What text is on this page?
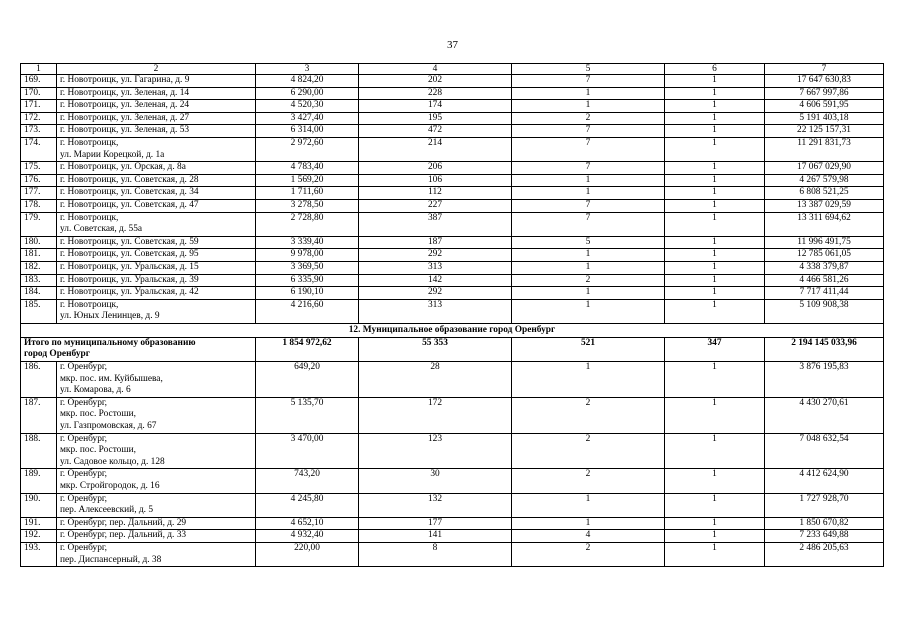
37
1	2	3	4	5	6	7
169.	г. Новотроицк, ул. Гагарина, д. 9	4 824,20	202	7	1	17 647 630,83
170.	г. Новотроицк, ул. Зеленая, д. 14	6 290,00	228	1	1	7 667 997,86
171.	г. Новотроицк, ул. Зеленая, д. 24	4 520,30	174	1	1	4 606 591,95
172.	г. Новотроицк, ул. Зеленая, д. 27	3 427,40	195	2	1	5 191 403,18
173.	г. Новотроицк, ул. Зеленая, д. 53	6 314,00	472	7	1	22 125 157,31
174.	г. Новотроицк,
ул. Марии Корецкой, д. 1а	2 972,60	214	7	1	11 291 831,73
175.	г. Новотроицк, ул. Орская, д. 8а	4 783,40	206	7	1	17 067 029,90
176.	г. Новотроицк, ул. Советская, д. 28	1 569,20	106	1	1	4 267 579,98
177.	г. Новотроицк, ул. Советская, д. 34	1 711,60	112	1	1	6 808 521,25
178.	г. Новотроицк, ул. Советская, д. 47	3 278,50	227	7	1	13 387 029,59
179.	г. Новотроицк,
ул. Советская, д. 55а	2 728,80	387	7	1	13 311 694,62
180.	г. Новотроицк, ул. Советская, д. 59	3 339,40	187	5	1	11 996 491,75
181.	г. Новотроицк, ул. Советская, д. 95	9 978,00	292	1	1	12 785 061,05
182.	г. Новотроицк, ул. Уральская, д. 15	3 369,50	313	1	1	4 338 379,87
183.	г. Новотроицк, ул. Уральская, д. 39	6 335,90	142	2	1	4 466 581,26
184.	г. Новотроицк, ул. Уральская, д. 42	6 190,10	292	1	1	7 717 411,44
185.	г. Новотроицк,
ул. Юных Ленинцев, д. 9	4 216,60	313	1	1	5 109 908,38
12. Муниципальное образование город Оренбург						
Итого по муниципальному образованию
город Оренбург		1 854 972,62	55 353	521	347	2 194 145 033,96
186.	г. Оренбург,
мкр. пос. им. Куйбышева,
ул. Комарова, д. 6	649,20	28	1	1	3 876 195,83
187.	г. Оренбург,
мкр. пос. Ростоши,
ул. Газпромовская, д. 67	5 135,70	172	2	1	4 430 270,61
188.	г. Оренбург,
мкр. пос. Ростоши,
ул. Садовое кольцо, д. 128	3 470,00	123	2	1	7 048 632,54
189.	г. Оренбург,
мкр. Стройгородок, д. 16	743,20	30	2	1	4 412 624,90
190.	г. Оренбург,
пер. Алексеевский, д. 5	4 245,80	132	1	1	1 727 928,70
191.	г. Оренбург, пер. Дальний, д. 29	4 652,10	177	1	1	1 850 670,82
192.	г. Оренбург, пер. Дальний, д. 33	4 932,40	141	4	1	7 233 649,88
193.	г. Оренбург,
пер. Диспансерный, д. 38	220,00	8	2	1	2 486 205,63
